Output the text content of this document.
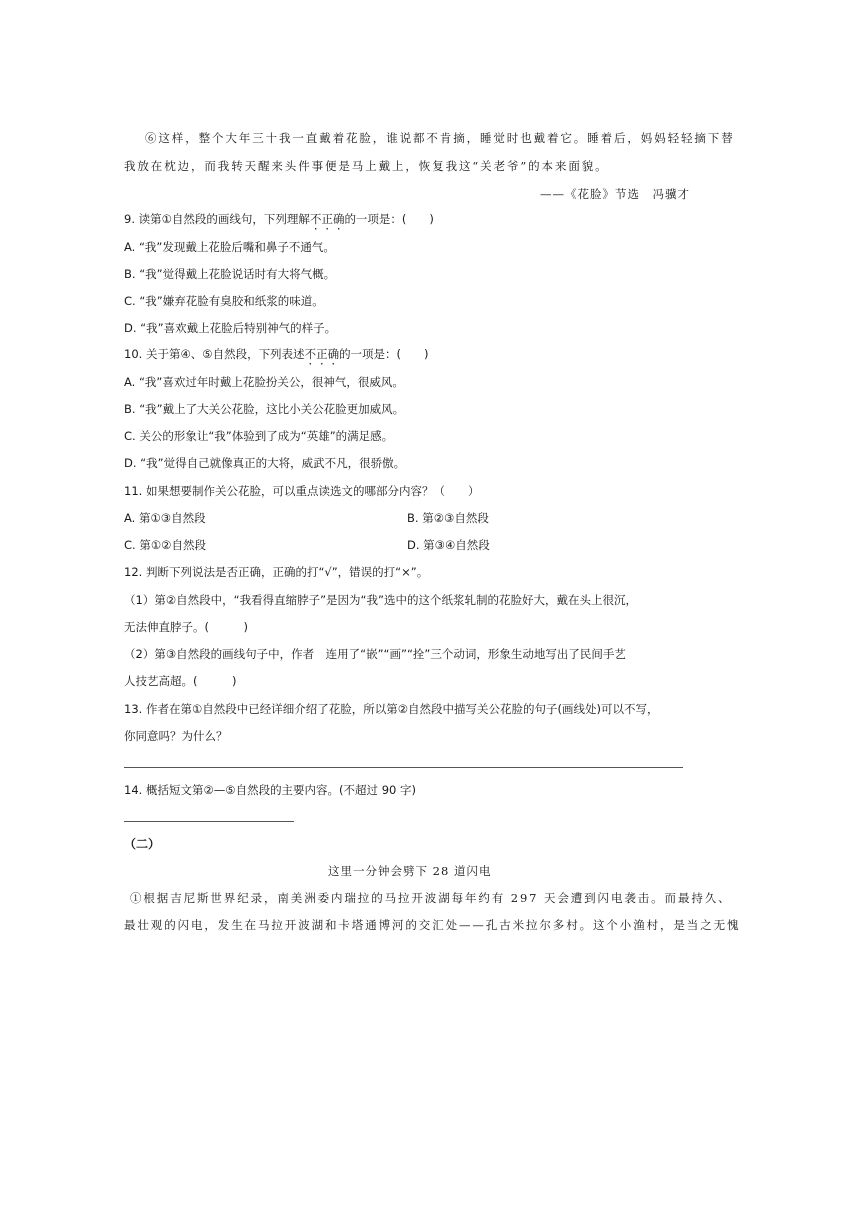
⑥这样，整个大年三十我一直戴着花脸，谁说都不肯摘，睡觉时也戴着它。睡着后，妈妈轻轻摘下替
我放在枕边，而我转天醒来头件事便是马上戴上，恢复我这“关老爷”的本来面貌。
——《花脸》节选　冯骥才
9. 读第①自然段的画线句，下列理解不正确的一项是：(　　)
A. “我”发现戴上花脸后嘴和鼻子不通气。
B. “我”觉得戴上花脸说话时有大将气概。
C. “我”嫌弃花脸有臭胶和纸浆的味道。
D. “我”喜欢戴上花脸后特别神气的样子。
10. 关于第④、⑤自然段，下列表述不正确的一项是：(　　)
A. “我”喜欢过年时戴上花脸扮关公，很神气，很威风。
B. “我”戴上了大关公花脸，这比小关公花脸更加威风。
C. 关公的形象让“我”体验到了成为“英雄”的满足感。
D. “我”觉得自己就像真正的大将，威武不凡，很骄傲。
11. 如果想要制作关公花脸，可以重点读选文的哪部分内容？（　　）
A. 第①③自然段	B. 第②③自然段
C. 第①②自然段	D. 第③④自然段
12. 判断下列说法是否正确，正确的打“√”，错误的打“×”。
（1）第②自然段中，“我看得直缩脖子”是因为“我”选中的这个纸浆轧制的花脸好大，戴在头上很沉，
无法伸直脖子。(　　　)
（2）第③自然段的画线句子中，作者　连用了“嵌”“画”“拴”三个动词，形象生动地写出了民间手艺
人技艺高超。(　　　)
13. 作者在第①自然段中已经详细介绍了花脸，所以第②自然段中描写关公花脸的句子(画线处)可以不写，
你同意吗？为什么？
14. 概括短文第②—⑤自然段的主要内容。(不超过 90 字)
（二）
这里一分钟会劈下 28 道闪电
①根据吉尼斯世界纪录，南美洲委内瑞拉的马拉开波湖每年约有 297 天会遭到闪电袭击。而最持久、
最壮观的闪电，发生在马拉开波湖和卡塔通博河的交汇处——孔古米拉尔多村。这个小渔村，是当之无愧
